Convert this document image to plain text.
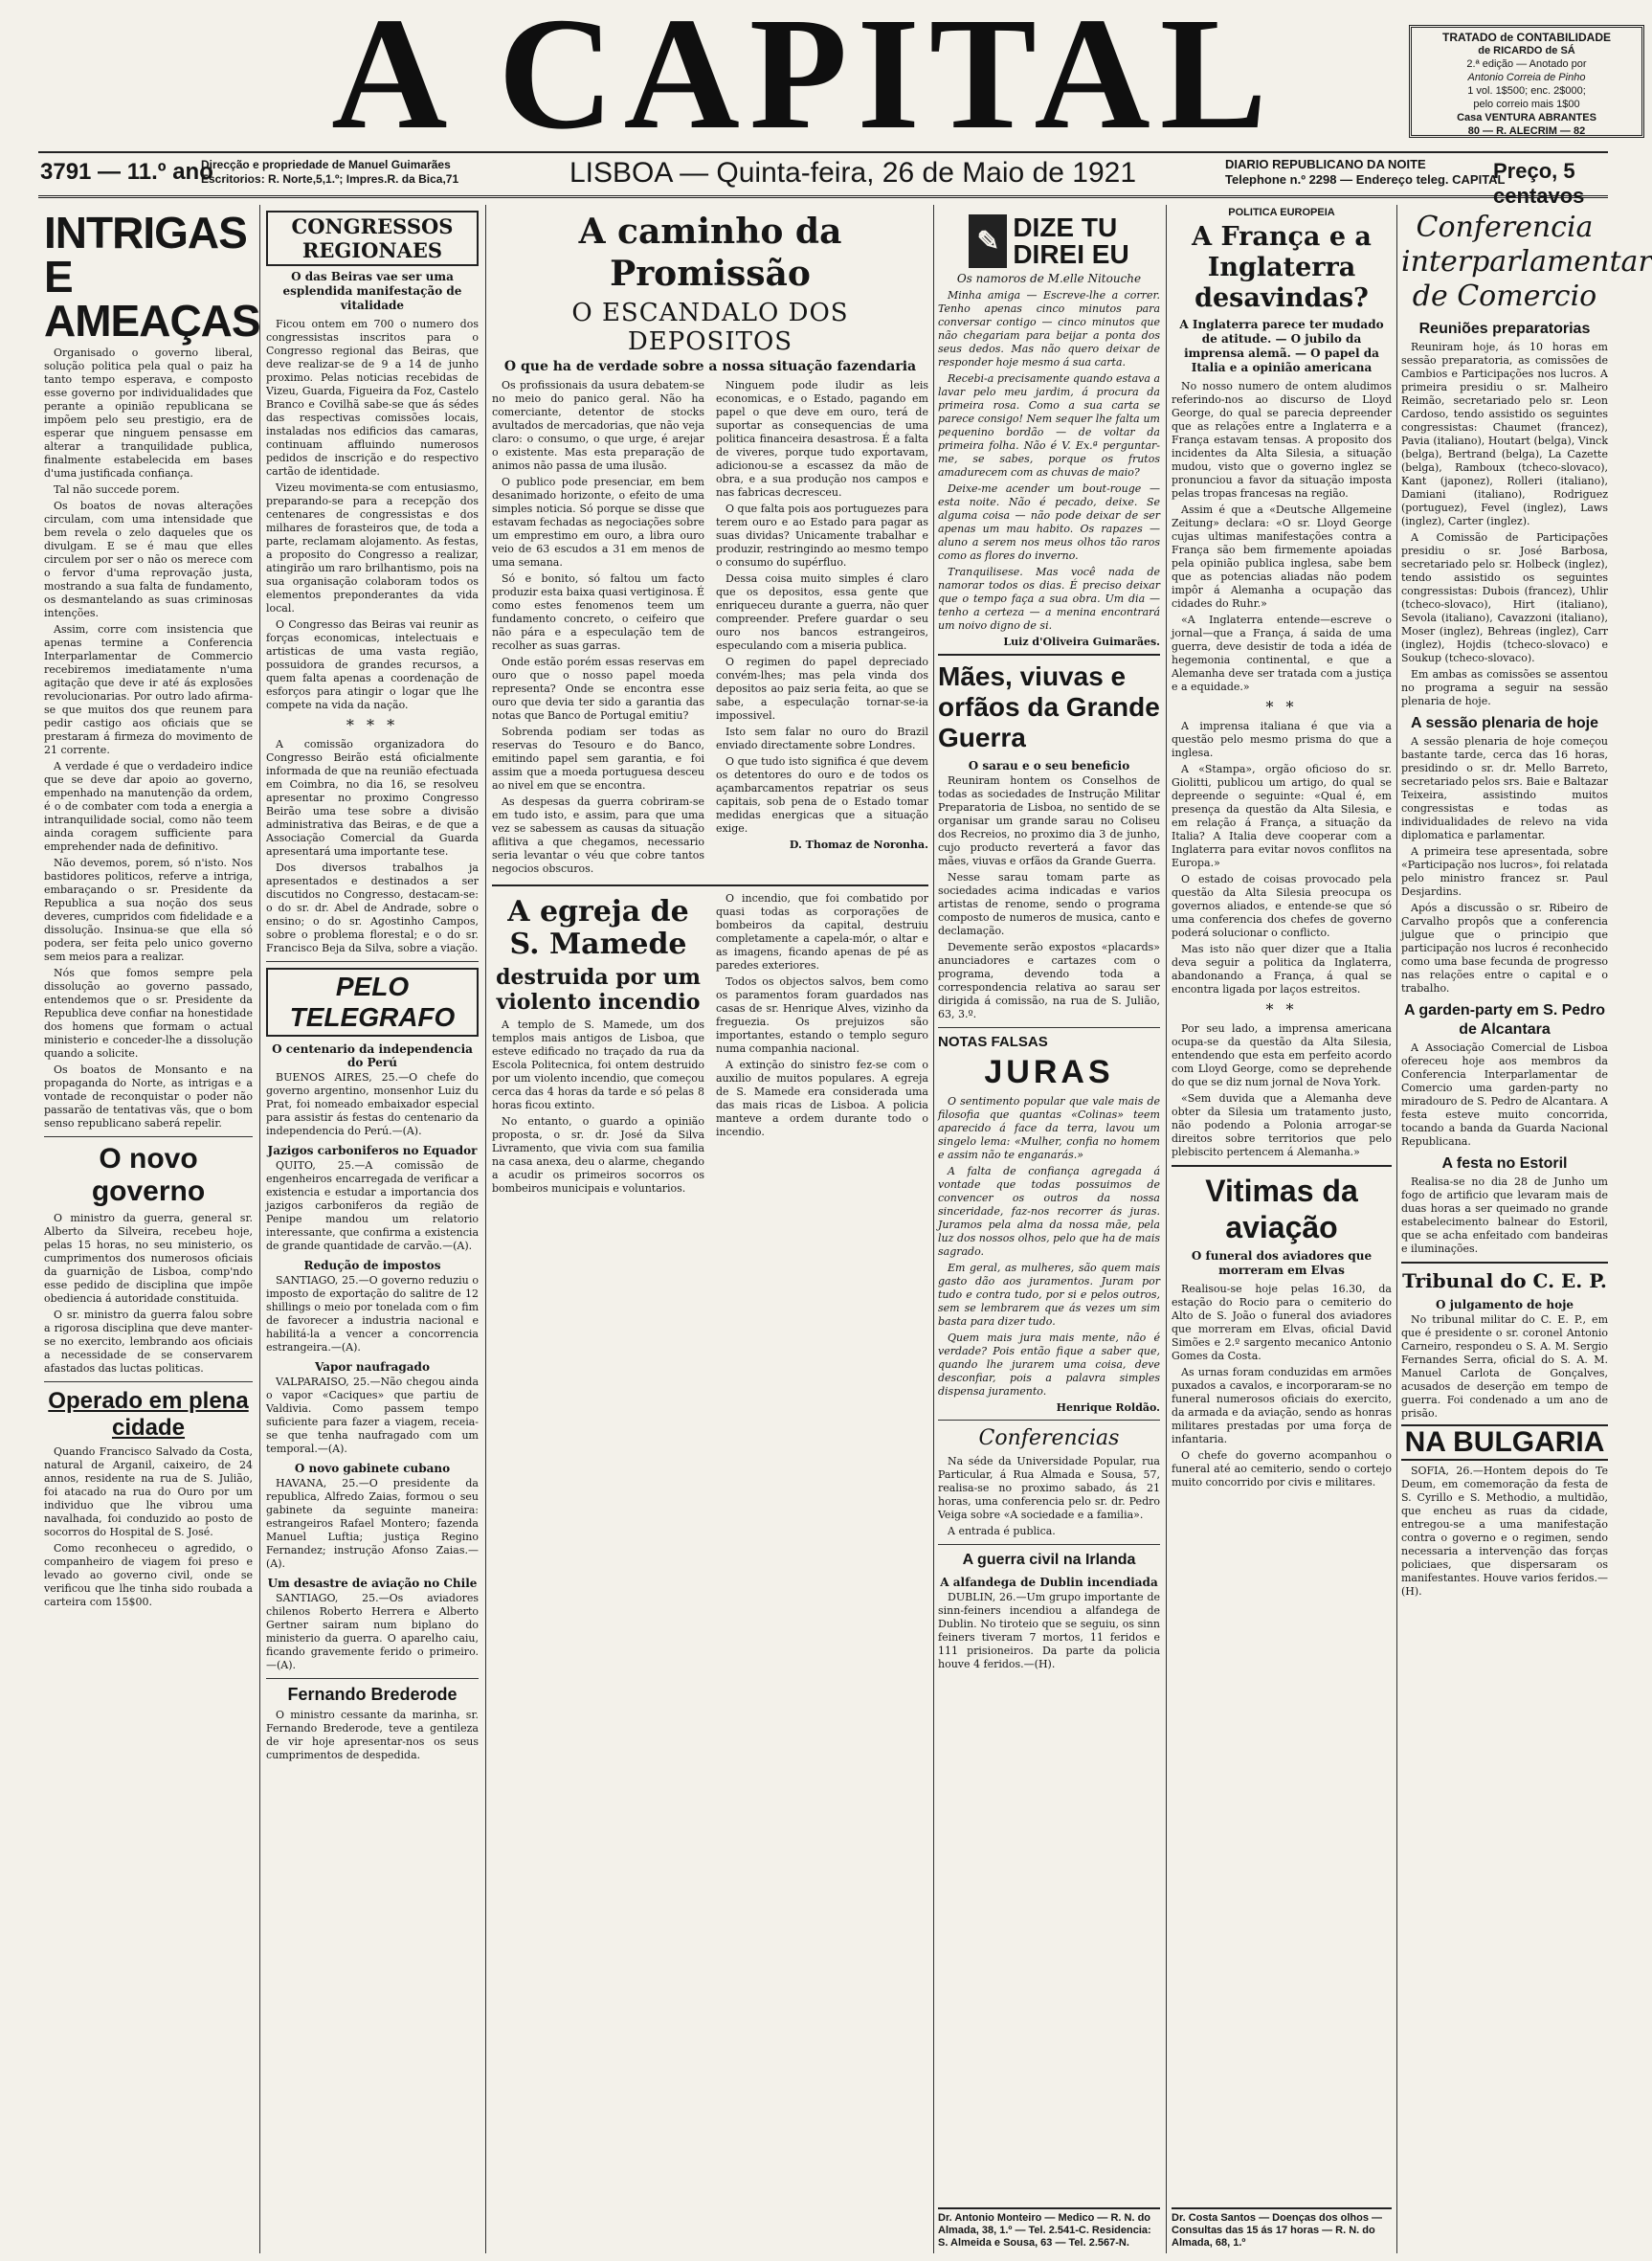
A CAPITAL	TRATADO de CONTABILIDADE
de RICARDO de SÁ
2.ª edição — Anotado por
Antonio Correia de Pinho
1 vol. 1$500; enc. 2$000;
pelo correio mais 1$00
Casa VENTURA ABRANTES
80 — R. ALECRIM — 82
3791 — 11.º ano
Direcção e propriedade de Manuel Guimarães
Escritorios: R. Norte,5,1.º; Impres.R. da Bica,71	LISBOA — Quinta-feira, 26 de Maio de 1921	DIARIO REPUBLICANO DA NOITE
Telephone n.º 2298 — Endereço teleg. CAPITAL
Preço, 5 centavos
INTRIGAS E AMEAÇAS

Organisado o governo liberal, solução politica pela qual o paiz ha tanto tempo esperava, e composto esse governo por individualidades que perante a opinião republicana se impõem pelo seu prestigio, era de esperar que ninguem pensasse em alterar a tranquilidade publica, finalmente estabelecida em bases d'uma justificada confiança.

Tal não succede porem.

Os boatos de novas alterações circulam, com uma intensidade que bem revela o zelo daqueles que os divulgam. E se é mau que elles circulem por ser o não os merece com o fervor d'uma reprovação justa, mostrando a sua falta de fundamento, os desmantelando as suas criminosas intenções.

Assim, corre com insistencia que apenas termine a Conferencia Interparlamentar de Commercio recebiremos imediatamente n'uma agitação que deve ir até ás explosões revolucionarias. Por outro lado afirma-se que muitos dos que reunem para pedir castigo aos oficiais que se prestaram á firmeza do movimento de 21 corrente.

A verdade é que o verdadeiro indice que se deve dar apoio ao governo, empenhado na manutenção da ordem, é o de combater com toda a energia a intranquilidade social, como não teem ainda coragem sufficiente para emprehender nada de definitivo.

Não devemos, porem, só n'isto. Nos bastidores politicos, referve a intriga, embaraçando o sr. Presidente da Republica a sua noção dos seus deveres, cumpridos com fidelidade e a dissolução. Insinua-se que ella só podera, ser feita pelo unico governo sem meios para a realizar.

Nós que fomos sempre pela dissolução ao governo passado, entendemos que o sr. Presidente da Republica deve confiar na honestidade dos homens que formam o actual ministerio e conceder-lhe a dissolução quando a solicite.

Os boatos de Monsanto e na propaganda do Norte, as intrigas e a vontade de reconquistar o poder não passarão de tentativas vãs, que o bom senso republicano saberá repelir.

O novo governo

O ministro da guerra, general sr. Alberto da Silveira, recebeu hoje, pelas 15 horas, no seu ministerio, os cumprimentos dos numerosos oficiais da guarnição de Lisboa, comp'ndo esse pedido de disciplina que impõe obediencia á autoridade constituida.

O sr. ministro da guerra falou sobre a rigorosa disciplina que deve manter-se no exercito, lembrando aos oficiais a necessidade de se conservarem afastados das luctas politicas.

Operado em plena cidade

Quando Francisco Salvado da Costa, natural de Arganil, caixeiro, de 24 annos, residente na rua de S. Julião, foi atacado na rua do Ouro por um individuo que lhe vibrou uma navalhada, foi conduzido ao posto de socorros do Hospital de S. José.

Como reconheceu o agredido, o companheiro de viagem foi preso e levado ao governo civil, onde se verificou que lhe tinha sido roubada a carteira com 15$00.

CONGRESSOS REGIONAES
O das Beiras vae ser uma esplendida manifestação de vitalidade

Ficou ontem em 700 o numero dos congressistas inscritos para o Congresso regional das Beiras, que deve realizar-se de 9 a 14 de junho proximo. Pelas noticias recebidas de Vizeu, Guarda, Figueira da Foz, Castelo Branco e Covilhã sabe-se que ás sédes das respectivas comissões locais, instaladas nos edificios das camaras, continuam affluindo numerosos pedidos de inscrição e do respectivo cartão de identidade.

Vizeu movimenta-se com entusiasmo, preparando-se para a recepção dos centenares de congressistas e dos milhares de forasteiros que, de toda a parte, reclamam alojamento. As festas, a proposito do Congresso a realizar, atingirão um raro brilhantismo, pois na sua organisação colaboram todos os elementos preponderantes da vida local.

O Congresso das Beiras vai reunir as forças economicas, intelectuais e artisticas de uma vasta região, possuidora de grandes recursos, a quem falta apenas a coordenação de esforços para atingir o logar que lhe compete na vida da nação.

* * *

A comissão organizadora do Congresso Beirão está oficialmente informada de que na reunião efectuada em Coimbra, no dia 16, se resolveu apresentar no proximo Congresso Beirão uma tese sobre a divisão administrativa das Beiras, e de que a Associação Comercial da Guarda apresentará uma importante tese.

Dos diversos trabalhos ja apresentados e destinados a ser discutidos no Congresso, destacam-se: o do sr. dr. Abel de Andrade, sobre o ensino; o do sr. Agostinho Campos, sobre o problema florestal; e o do sr. Francisco Beja da Silva, sobre a viação.

PELO TELEGRAFO
O centenario da independencia do Perú

BUENOS AIRES, 25.—O chefe do governo argentino, monsenhor Luiz du Prat, foi nomeado embaixador especial para assistir ás festas do centenario da independencia do Perú.—(A).

Jazigos carboniferos no Equador

QUITO, 25.—A comissão de engenheiros encarregada de verificar a existencia e estudar a importancia dos jazigos carboniferos da região de Penipe mandou um relatorio interessante, que confirma a existencia de grande quantidade de carvão.—(A).

Redução de impostos

SANTIAGO, 25.—O governo reduziu o imposto de exportação do salitre de 12 shillings o meio por tonelada com o fim de favorecer a industria nacional e habilitá-la a vencer a concorrencia estrangeira.—(A).

Vapor naufragado

VALPARAISO, 25.—Não chegou ainda o vapor «Caciques» que partiu de Valdivia. Como passem tempo suficiente para fazer a viagem, receia-se que tenha naufragado com um temporal.—(A).

O novo gabinete cubano

HAVANA, 25.—O presidente da republica, Alfredo Zaias, formou o seu gabinete da seguinte maneira: estrangeiros Rafael Montero; fazenda Manuel Luftia; justiça Regino Fernandez; instrução Afonso Zaias.—(A).

Um desastre de aviação no Chile

SANTIAGO, 25.—Os aviadores chilenos Roberto Herrera e Alberto Gertner sairam num biplano do ministerio da guerra. O aparelho caiu, ficando gravemente ferido o primeiro.—(A).

Fernando Brederode

O ministro cessante da marinha, sr. Fernando Brederode, teve a gentileza de vir hoje apresentar-nos os seus cumprimentos de despedida.

A caminho da Promissão
O ESCANDALO DOS DEPOSITOS
O que ha de verdade sobre a nossa situação fazendaria

Os profissionais da usura debatem-se no meio do panico geral. Não ha comerciante, detentor de stocks avultados de mercadorias, que não veja claro: o consumo, o que urge, é arejar o existente. Mas esta preparação de animos não passa de uma ilusão.

O publico pode presenciar, em bem desanimado horizonte, o efeito de uma simples noticia. Só porque se disse que estavam fechadas as negociações sobre um emprestimo em ouro, a libra ouro veio de 63 escudos a 31 em menos de uma semana.

Só e bonito, só faltou um facto produzir esta baixa quasi vertiginosa. É como estes fenomenos teem um fundamento concreto, o ceifeiro que não pára e a especulação tem de recolher as suas garras.

Onde estão porém essas reservas em ouro que o nosso papel moeda representa? Onde se encontra esse ouro que devia ter sido a garantia das notas que Banco de Portugal emitiu?

Sobrenda podiam ser todas as reservas do Tesouro e do Banco, emitindo papel sem garantia, e foi assim que a moeda portuguesa desceu ao nivel em que se encontra.

As despesas da guerra cobriram-se em tudo isto, e assim, para que uma vez se sabessem as causas da situação aflitiva a que chegamos, necessario seria levantar o véu que cobre tantos negocios obscuros.

Ninguem pode iludir as leis economicas, e o Estado, pagando em papel o que deve em ouro, terá de suportar as consequencias de uma politica financeira desastrosa. É a falta de viveres, porque tudo exportavam, adicionou-se a escassez da mão de obra, e a sua produção nos campos e nas fabricas decresceu.

O que falta pois aos portuguezes para terem ouro e ao Estado para pagar as suas dividas? Unicamente trabalhar e produzir, restringindo ao mesmo tempo o consumo do supérfluo.

Dessa coisa muito simples é claro que os depositos, essa gente que enriqueceu durante a guerra, não quer compreender. Prefere guardar o seu ouro nos bancos estrangeiros, especulando com a miseria publica.

O regimen do papel depreciado convém-lhes; mas pela vinda dos depositos ao paiz seria feita, ao que se sabe, a especulação tornar-se-ia impossivel.

Isto sem falar no ouro do Brazil enviado directamente sobre Londres.

O que tudo isto significa é que devem os detentores do ouro e de todos os açambarcamentos repatriar os seus capitais, sob pena de o Estado tomar medidas energicas que a situação exige.

D. Thomaz de Noronha.
A egreja de S. Mamede
destruida por um violento incendio

A templo de S. Mamede, um dos templos mais antigos de Lisboa, que esteve edificado no traçado da rua da Escola Politecnica, foi ontem destruido por um violento incendio, que começou cerca das 4 horas da tarde e só pelas 8 horas ficou extinto.

No entanto, o guardo a opinião proposta, o sr. dr. José da Silva Livramento, que vivia com sua familia na casa anexa, deu o alarme, chegando a acudir os primeiros socorros os bombeiros municipais e voluntarios.

O incendio, que foi combatido por quasi todas as corporações de bombeiros da capital, destruiu completamente a capela-mór, o altar e as imagens, ficando apenas de pé as paredes exteriores.

Todos os objectos salvos, bem como os paramentos foram guardados nas casas de sr. Henrique Alves, vizinho da freguezia. Os prejuizos são importantes, estando o templo seguro numa companhia nacional.

A extinção do sinistro fez-se com o auxilio de muitos populares. A egreja de S. Mamede era considerada uma das mais ricas de Lisboa. A policia manteve a ordem durante todo o incendio.

✎ DIZE TU
DIREI EU
Os namoros de M.elle Nitouche

Minha amiga — Escreve-lhe a correr. Tenho apenas cinco minutos para conversar contigo — cinco minutos que não chegariam para beijar a ponta dos seus dedos. Mas não quero deixar de responder hoje mesmo á sua carta.

Recebi-a precisamente quando estava a lavar pelo meu jardim, á procura da primeira rosa. Como a sua carta se parece consigo! Nem sequer lhe falta um pequenino bordão — de voltar da primeira folha. Não é V. Ex.ª perguntar-me, se sabes, porque os frutos amadurecem com as chuvas de maio?

Deixe-me acender um bout-rouge — esta noite. Não é pecado, deixe. Se alguma coisa — não pode deixar de ser apenas um mau habito. Os rapazes — aluno a serem nos meus olhos tão raros como as flores do inverno.

Tranquilisese. Mas você nada de namorar todos os dias. É preciso deixar que o tempo faça a sua obra. Um dia — tenho a certeza — a menina encontrará um noivo digno de si.

Luiz d'Oliveira Guimarães.
Mães, viuvas e orfãos da Grande Guerra
O sarau e o seu beneficio

Reuniram hontem os Conselhos de todas as sociedades de Instrução Militar Preparatoria de Lisboa, no sentido de se organisar um grande sarau no Coliseu dos Recreios, no proximo dia 3 de junho, cujo producto reverterá a favor das mães, viuvas e orfãos da Grande Guerra.

Nesse sarau tomam parte as sociedades acima indicadas e varios artistas de renome, sendo o programa composto de numeros de musica, canto e declamação.

Devemente serão expostos «placards» anunciadores e cartazes com o programa, devendo toda a correspondencia relativa ao sarau ser dirigida á comissão, na rua de S. Julião, 63, 3.º.

NOTAS FALSAS
JURAS

O sentimento popular que vale mais de filosofia que quantas «Colinas» teem aparecido á face da terra, lavou um singelo lema: «Mulher, confia no homem e assim não te enganarás.»

A falta de confiança agregada á vontade que todas possuimos de convencer os outros da nossa sinceridade, faz-nos recorrer ás juras. Juramos pela alma da nossa mãe, pela luz dos nossos olhos, pelo que ha de mais sagrado.

Em geral, as mulheres, são quem mais gasto dão aos juramentos. Juram por tudo e contra tudo, por si e pelos outros, sem se lembrarem que ás vezes um sim basta para dizer tudo.

Quem mais jura mais mente, não é verdade? Pois então fique a saber que, quando lhe jurarem uma coisa, deve desconfiar, pois a palavra simples dispensa juramento.

Henrique Roldão.
Conferencias

Na séde da Universidade Popular, rua Particular, á Rua Almada e Sousa, 57, realisa-se no proximo sabado, ás 21 horas, uma conferencia pelo sr. dr. Pedro Veiga sobre «A sociedade e a familia».

A entrada é publica.

A guerra civil na Irlanda
A alfandega de Dublin incendiada

DUBLIN, 26.—Um grupo importante de sinn-feiners incendiou a alfandega de Dublin. No tiroteio que se seguiu, os sinn feiners tiveram 7 mortos, 11 feridos e 111 prisioneiros. Da parte da policia houve 4 feridos.—(H).

Dr. Antonio Monteiro — Medico — R. N. do Almada, 38, 1.º — Tel. 2.541-C. Residencia: S. Almeida e Sousa, 63 — Tel. 2.567-N.
POLITICA EUROPEIA
A França e a Inglaterra desavindas?
A Inglaterra parece ter mudado de atitude. — O jubilo da imprensa alemã. — O papel da Italia e a opinião americana

No nosso numero de ontem aludimos referindo-nos ao discurso de Lloyd George, do qual se parecia depreender que as relações entre a Inglaterra e a França estavam tensas. A proposito dos incidentes da Alta Silesia, a situação mudou, visto que o governo inglez se pronunciou a favor da situação imposta pelas tropas francesas na região.

Assim é que a «Deutsche Allgemeine Zeitung» declara: «O sr. Lloyd George cujas ultimas manifestações contra a França são bem firmemente apoiadas pela opinião publica inglesa, sabe bem que as potencias aliadas não podem impôr á Alemanha a ocupação das cidades do Ruhr.»

«A Inglaterra entende—escreve o jornal—que a França, á saida de uma guerra, deve desistir de toda a idéa de hegemonia continental, e que a Alemanha deve ser tratada com a justiça e a equidade.»

* *

A imprensa italiana é que via a questão pelo mesmo prisma do que a inglesa.

A «Stampa», orgão oficioso do sr. Giolitti, publicou um artigo, do qual se depreende o seguinte: «Qual é, em presença da questão da Alta Silesia, e em relação á França, a situação da Italia? A Italia deve cooperar com a Inglaterra para evitar novos conflitos na Europa.»

O estado de coisas provocado pela questão da Alta Silesia preocupa os governos aliados, e entende-se que só uma conferencia dos chefes de governo poderá solucionar o conflicto.

Mas isto não quer dizer que a Italia deva seguir a politica da Inglaterra, abandonando a França, á qual se encontra ligada por laços estreitos.

* *

Por seu lado, a imprensa americana ocupa-se da questão da Alta Silesia, entendendo que esta em perfeito acordo com Lloyd George, como se deprehende do que se diz num jornal de Nova York.

«Sem duvida que a Alemanha deve obter da Silesia um tratamento justo, não podendo a Polonia arrogar-se direitos sobre territorios que pelo plebiscito pertencem á Alemanha.»

Vitimas da aviação
O funeral dos aviadores que morreram em Elvas

Realisou-se hoje pelas 16.30, da estação do Rocio para o cemiterio do Alto de S. João o funeral dos aviadores que morreram em Elvas, oficial David Simões e 2.º sargento mecanico Antonio Gomes da Costa.

As urnas foram conduzidas em armões puxados a cavalos, e incorporaram-se no funeral numerosos oficiais do exercito, da armada e da aviação, sendo as honras militares prestadas por uma força de infantaria.

O chefe do governo acompanhou o funeral até ao cemiterio, sendo o cortejo muito concorrido por civis e militares.

Dr. Costa Santos — Doenças dos olhos — Consultas das 15 ás 17 horas — R. N. do Almada, 68, 1.º
Conferencia interparlamentar de Comercio
Reuniões preparatorias

Reuniram hoje, ás 10 horas em sessão preparatoria, as comissões de Cambios e Participações nos lucros. A primeira presidiu o sr. Malheiro Reimão, secretariado pelo sr. Leon Cardoso, tendo assistido os seguintes congressistas: Chaumet (francez), Pavia (italiano), Houtart (belga), Vinck (belga), Bertrand (belga), La Cazette (belga), Ramboux (tcheco-slovaco), Kant (japonez), Rolleri (italiano), Damiani (italiano), Rodriguez (portuguez), Fevel (inglez), Laws (inglez), Carter (inglez).

A Comissão de Participações presidiu o sr. José Barbosa, secretariado pelo sr. Holbeck (inglez), tendo assistido os seguintes congressistas: Dubois (francez), Uhlir (tcheco-slovaco), Hirt (italiano), Sevola (italiano), Cavazzoni (italiano), Moser (inglez), Behreas (inglez), Carr (inglez), Hojdis (tcheco-slovaco) e Soukup (tcheco-slovaco).

Em ambas as comissões se assentou no programa a seguir na sessão plenaria de hoje.

A sessão plenaria de hoje

A sessão plenaria de hoje começou bastante tarde, cerca das 16 horas, presidindo o sr. dr. Mello Barreto, secretariado pelos srs. Baie e Baltazar Teixeira, assistindo muitos congressistas e todas as individualidades de relevo na vida diplomatica e parlamentar.

A primeira tese apresentada, sobre «Participação nos lucros», foi relatada pelo ministro francez sr. Paul Desjardins.

Após a discussão o sr. Ribeiro de Carvalho propôs que a conferencia julgue que o principio que participação nos lucros é reconhecido como uma base fecunda de progresso nas relações entre o capital e o trabalho.

A garden-party em S. Pedro de Alcantara

A Associação Comercial de Lisboa ofereceu hoje aos membros da Conferencia Interparlamentar de Comercio uma garden-party no miradouro de S. Pedro de Alcantara. A festa esteve muito concorrida, tocando a banda da Guarda Nacional Republicana.

A festa no Estoril

Realisa-se no dia 28 de Junho um fogo de artificio que levaram mais de duas horas a ser queimado no grande estabelecimento balnear do Estoril, que se acha enfeitado com bandeiras e iluminações.

Tribunal do C. E. P.
O julgamento de hoje

No tribunal militar do C. E. P., em que é presidente o sr. coronel Antonio Carneiro, respondeu o S. A. M. Sergio Fernandes Serra, oficial do S. A. M. Manuel Carlota de Gonçalves, acusados de deserção em tempo de guerra. Foi condenado a um ano de prisão.

NA BULGARIA

SOFIA, 26.—Hontem depois do Te Deum, em comemoração da festa de S. Cyrillo e S. Methodio, a multidão, que encheu as ruas da cidade, entregou-se a uma manifestação contra o governo e o regimen, sendo necessaria a intervenção das forças policiaes, que dispersaram os manifestantes. Houve varios feridos.—(H).
